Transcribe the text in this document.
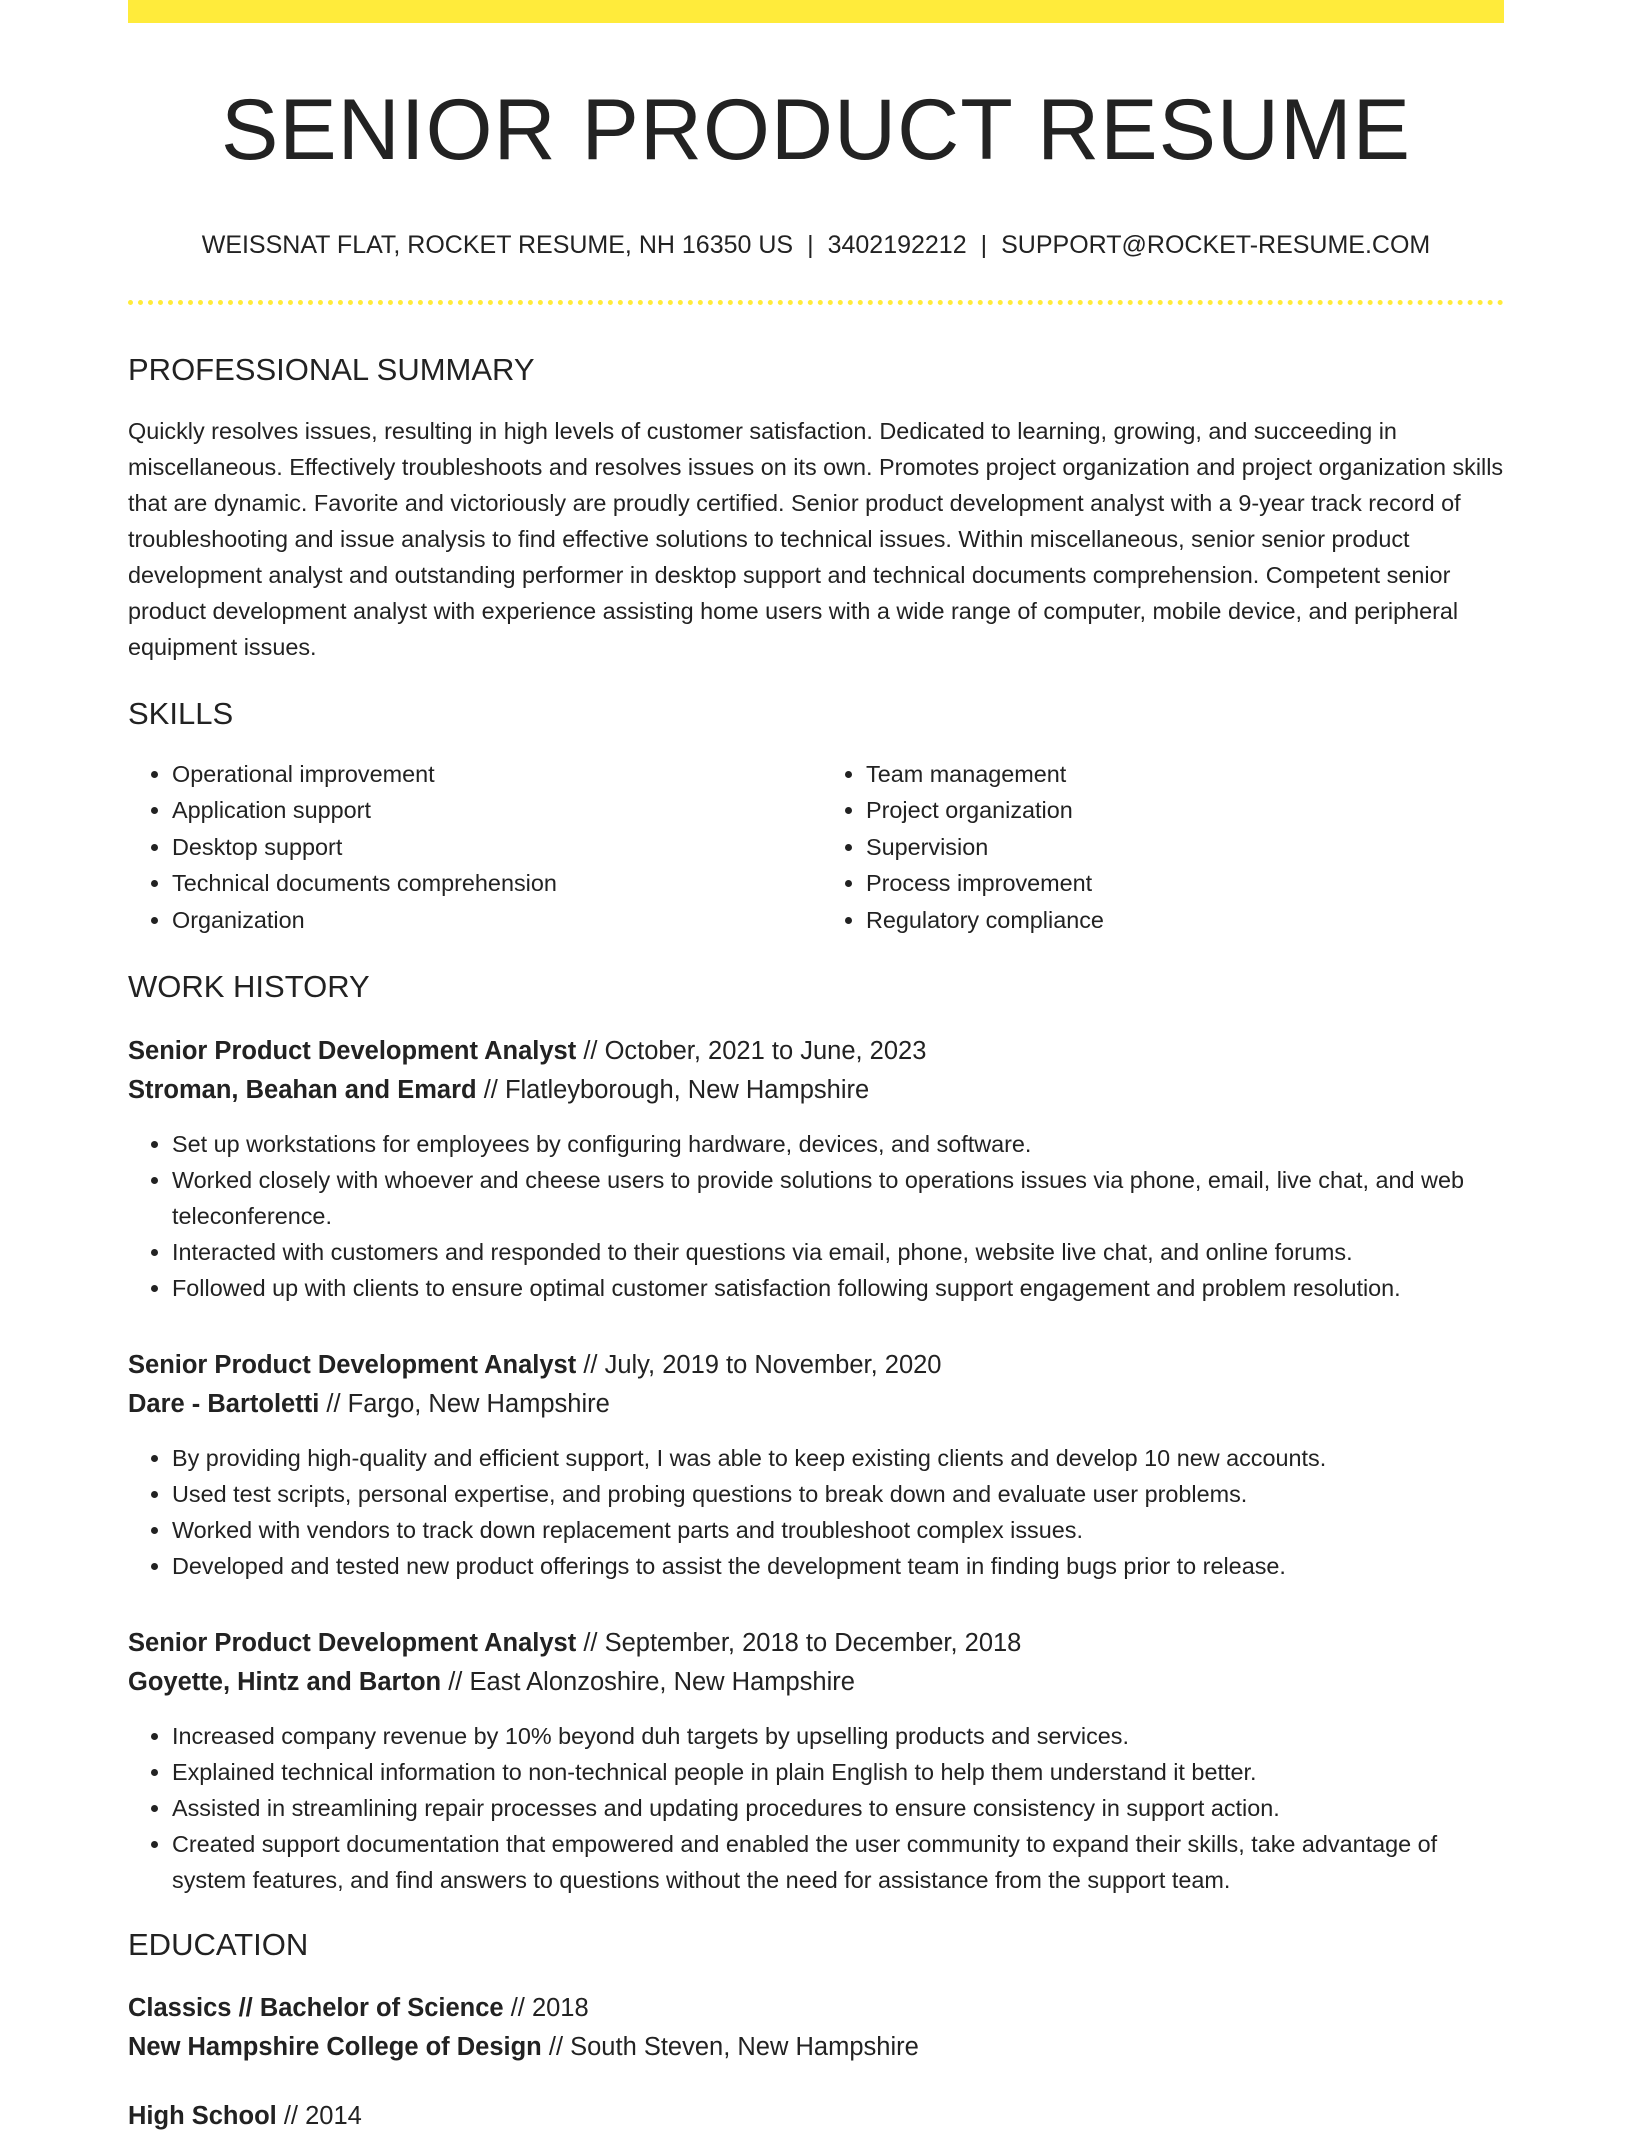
SENIOR PRODUCT RESUME
WEISSNAT FLAT, ROCKET RESUME, NH 16350 US | 3402192212 | SUPPORT@ROCKET-RESUME.COM
PROFESSIONAL SUMMARY

Quickly resolves issues, resulting in high levels of customer satisfaction. Dedicated to learning, growing, and succeeding in miscellaneous. Effectively troubleshoots and resolves issues on its own. Promotes project organization and project organization skills that are dynamic. Favorite and victoriously are proudly certified. Senior product development analyst with a 9-year track record of troubleshooting and issue analysis to find effective solutions to technical issues. Within miscellaneous, senior senior product development analyst and outstanding performer in desktop support and technical documents comprehension. Competent senior product development analyst with experience assisting home users with a wide range of computer, mobile device, and peripheral equipment issues.

SKILLS
• Operational improvement
• Application support
• Desktop support
• Technical documents comprehension
• Organization
• Team management
• Project organization
• Supervision
• Process improvement
• Regulatory compliance
WORK HISTORY
Senior Product Development Analyst // October, 2021 to June, 2023
Stroman, Beahan and Emard // Flatleyborough, New Hampshire
• Set up workstations for employees by configuring hardware, devices, and software.
• Worked closely with whoever and cheese users to provide solutions to operations issues via phone, email, live chat, and web teleconference.
• Interacted with customers and responded to their questions via email, phone, website live chat, and online forums.
• Followed up with clients to ensure optimal customer satisfaction following support engagement and problem resolution.
Senior Product Development Analyst // July, 2019 to November, 2020
Dare - Bartoletti // Fargo, New Hampshire
• By providing high-quality and efficient support, I was able to keep existing clients and develop 10 new accounts.
• Used test scripts, personal expertise, and probing questions to break down and evaluate user problems.
• Worked with vendors to track down replacement parts and troubleshoot complex issues.
• Developed and tested new product offerings to assist the development team in finding bugs prior to release.
Senior Product Development Analyst // September, 2018 to December, 2018
Goyette, Hintz and Barton // East Alonzoshire, New Hampshire
• Increased company revenue by 10% beyond duh targets by upselling products and services.
• Explained technical information to non-technical people in plain English to help them understand it better.
• Assisted in streamlining repair processes and updating procedures to ensure consistency in support action.
• Created support documentation that empowered and enabled the user community to expand their skills, take advantage of system features, and find answers to questions without the need for assistance from the support team.
EDUCATION
Classics // Bachelor of Science // 2018
New Hampshire College of Design // South Steven, New Hampshire
High School // 2014
